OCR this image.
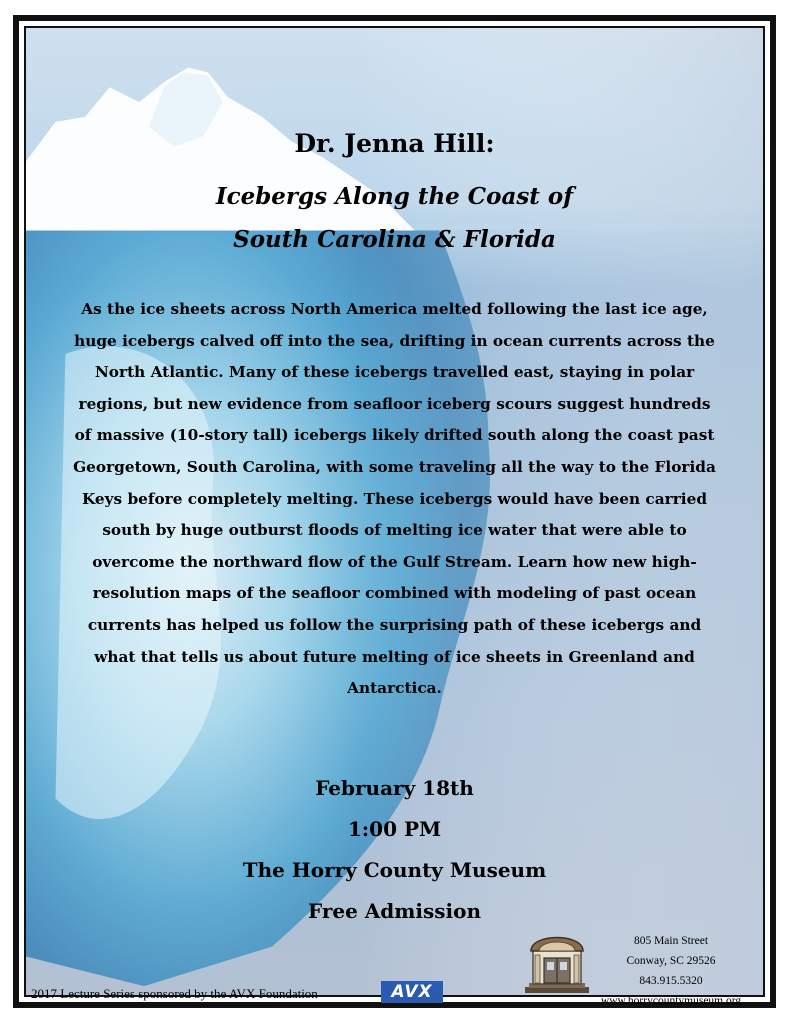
Dr. Jenna Hill:
Icebergs Along the Coast of
South Carolina & Florida
As the ice sheets across North America melted following the last ice age, huge icebergs calved off into the sea, drifting in ocean currents across the North Atlantic. Many of these icebergs travelled east, staying in polar regions, but new evidence from seafloor iceberg scours suggest hundreds of massive (10-story tall) icebergs likely drifted south along the coast past Georgetown, South Carolina, with some traveling all the way to the Florida Keys before completely melting. These icebergs would have been carried south by huge outburst floods of melting ice water that were able to overcome the northward flow of the Gulf Stream. Learn how new high-resolution maps of the seafloor combined with modeling of past ocean currents has helped us follow the surprising path of these icebergs and what that tells us about future melting of ice sheets in Greenland and Antarctica.
February 18th
1:00 PM
The Horry County Museum
Free Admission
2017 Lecture Series sponsored by the AVX Foundation	AVX
805 Main Street
Conway, SC 29526
843.915.5320
www.horrycountymuseum.org
